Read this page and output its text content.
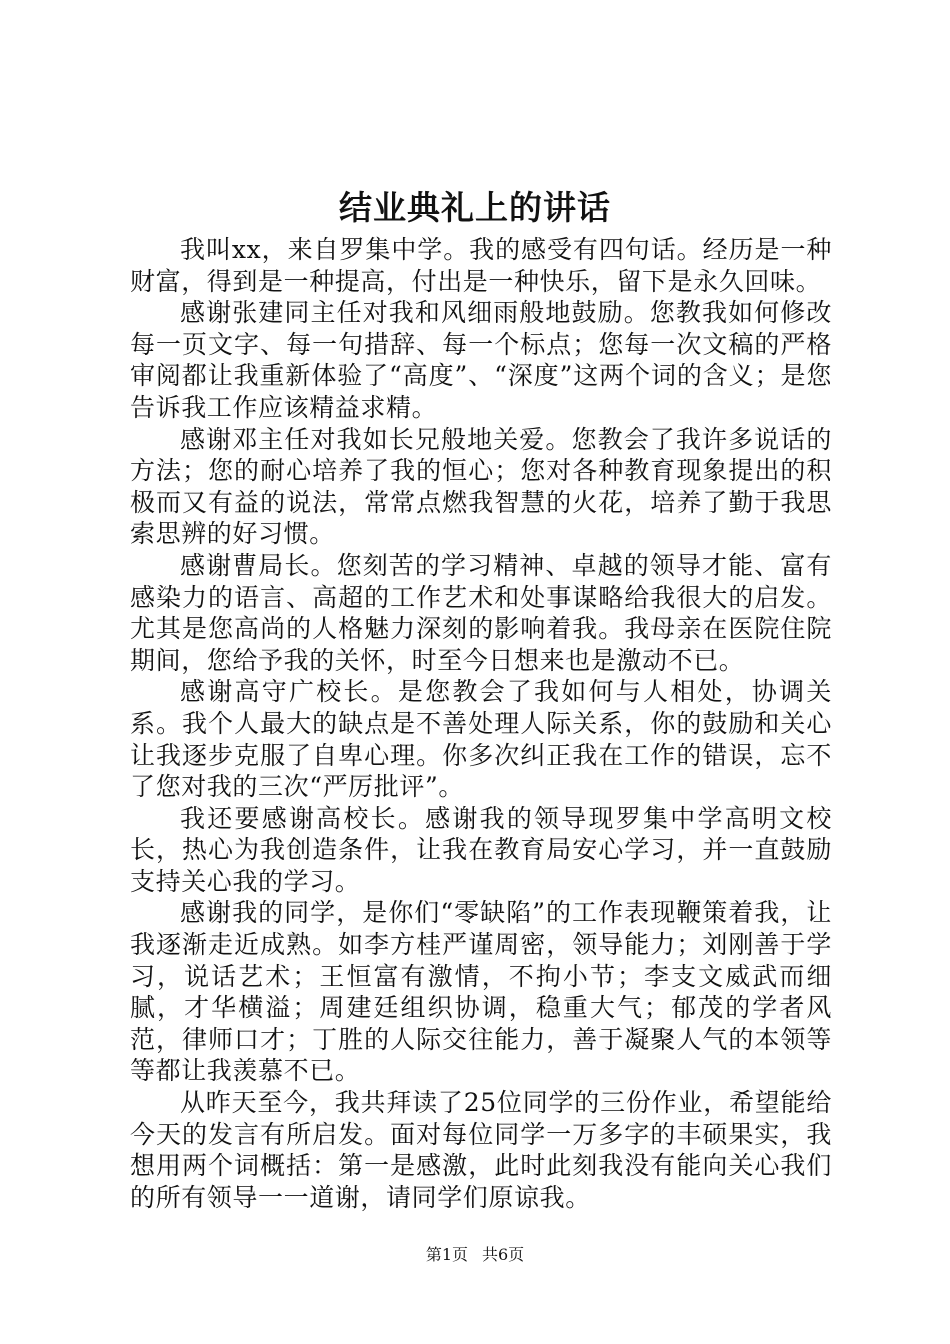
结业典礼上的讲话

我叫xx，来自罗集中学。我的感受有四句话。经历是一种财富，得到是一种提高，付出是一种快乐，留下是永久回味。

感谢张建同主任对我和风细雨般地鼓励。您教我如何修改每一页文字、每一句措辞、每一个标点；您每一次文稿的严格审阅都让我重新体验了“高度”、“深度”这两个词的含义；是您告诉我工作应该精益求精。

感谢邓主任对我如长兄般地关爱。您教会了我许多说话的方法；您的耐心培养了我的恒心；您对各种教育现象提出的积极而又有益的说法，常常点燃我智慧的火花，培养了勤于我思索思辨的好习惯。

感谢曹局长。您刻苦的学习精神、卓越的领导才能、富有感染力的语言、高超的工作艺术和处事谋略给我很大的启发。尤其是您高尚的人格魅力深刻的影响着我。我母亲在医院住院期间，您给予我的关怀，时至今日想来也是激动不已。

感谢高守广校长。是您教会了我如何与人相处，协调关系。我个人最大的缺点是不善处理人际关系，你的鼓励和关心让我逐步克服了自卑心理。你多次纠正我在工作的错误，忘不了您对我的三次“严厉批评”。

我还要感谢高校长。感谢我的领导现罗集中学高明文校长，热心为我创造条件，让我在教育局安心学习，并一直鼓励支持关心我的学习。

感谢我的同学，是你们“零缺陷”的工作表现鞭策着我，让我逐渐走近成熟。如李方桂严谨周密，领导能力；刘刚善于学习，说话艺术；王恒富有激情，不拘小节；李支文威武而细腻，才华横溢；周建廷组织协调，稳重大气；郁茂的学者风范，律师口才；丁胜的人际交往能力，善于凝聚人气的本领等等都让我羡慕不已。

从昨天至今，我共拜读了25位同学的三份作业，希望能给今天的发言有所启发。面对每位同学一万多字的丰硕果实，我想用两个词概括：第一是感激，此时此刻我没有能向关心我们的所有领导一一道谢，请同学们原谅我。

第1页 共6页
